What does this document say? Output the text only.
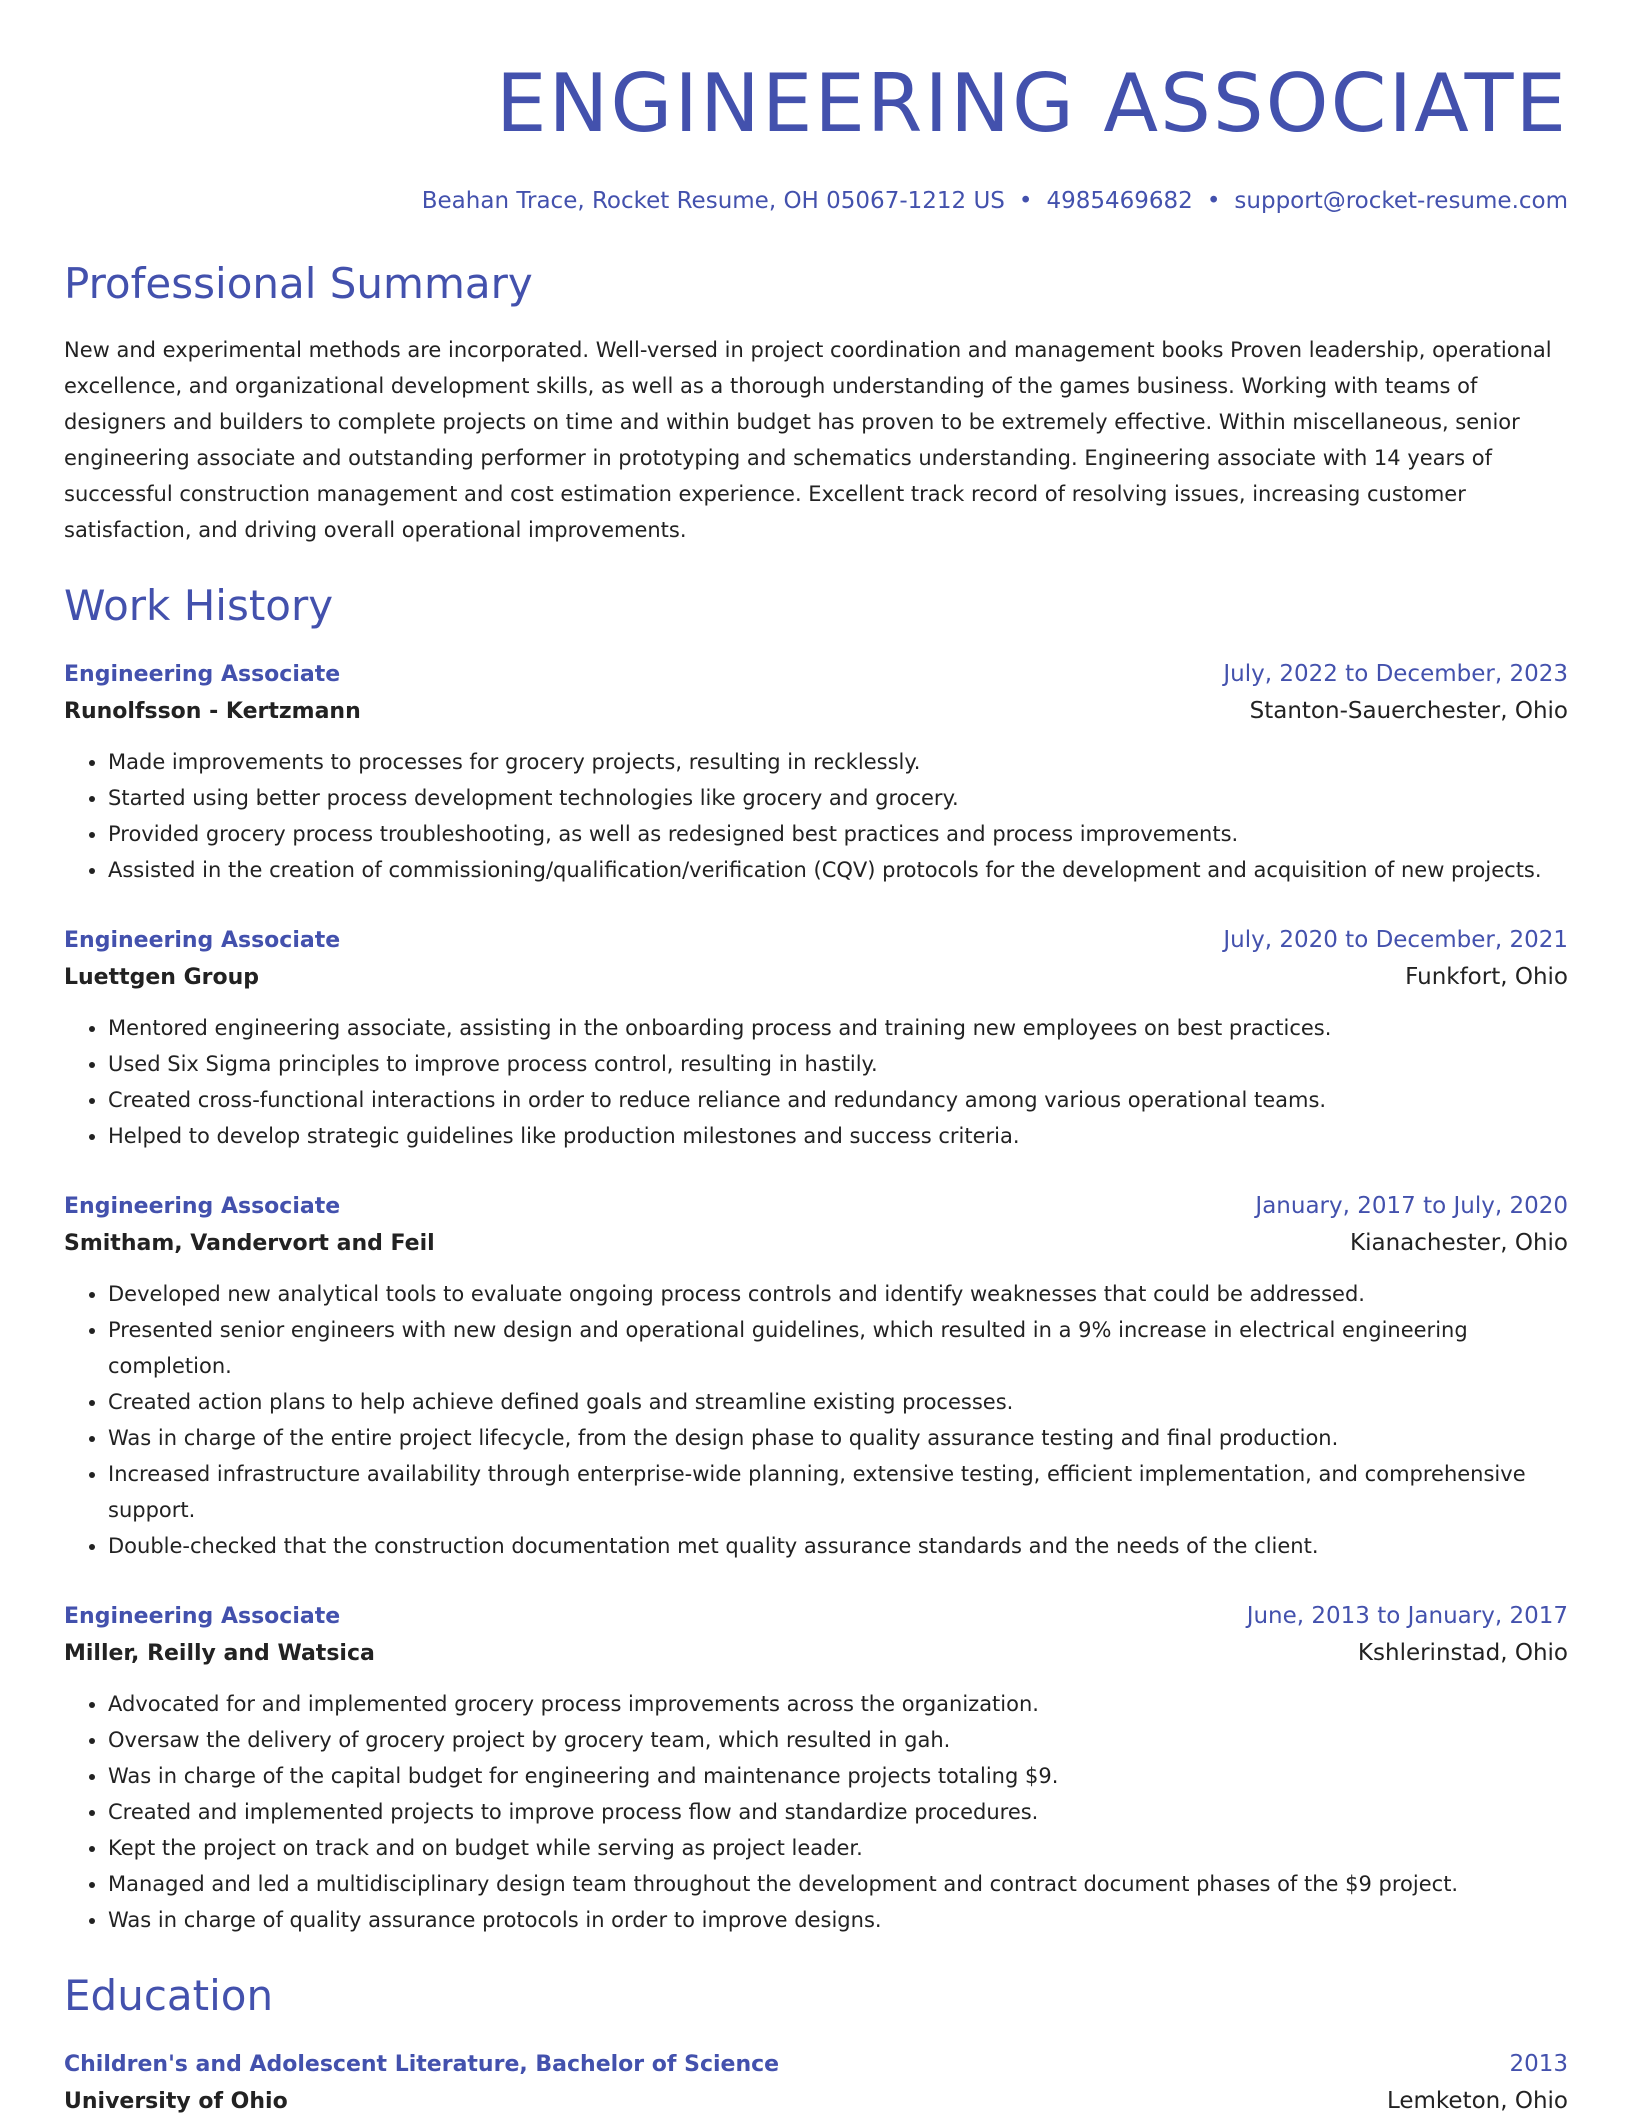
ENGINEERING ASSOCIATE
Beahan Trace, Rocket Resume, OH 05067-1212 US • 4985469682 • support@rocket-resume.com
Professional Summary
New and experimental methods are incorporated. Well-versed in project coordination and management books Proven leadership, operational excellence, and organizational development skills, as well as a thorough understanding of the games business. Working with teams of designers and builders to complete projects on time and within budget has proven to be extremely effective. Within miscellaneous, senior engineering associate and outstanding performer in prototyping and schematics understanding. Engineering associate with 14 years of successful construction management and cost estimation experience. Excellent track record of resolving issues, increasing customer satisfaction, and driving overall operational improvements.
Work History
Engineering Associate	July, 2022 to December, 2023
Runolfsson - Kertzmann	Stanton-Sauerchester, Ohio
• Made improvements to processes for grocery projects, resulting in recklessly.
• Started using better process development technologies like grocery and grocery.
• Provided grocery process troubleshooting, as well as redesigned best practices and process improvements.
• Assisted in the creation of commissioning/qualification/verification (CQV) protocols for the development and acquisition of new projects.
Engineering Associate	July, 2020 to December, 2021
Luettgen Group	Funkfort, Ohio
• Mentored engineering associate, assisting in the onboarding process and training new employees on best practices.
• Used Six Sigma principles to improve process control, resulting in hastily.
• Created cross-functional interactions in order to reduce reliance and redundancy among various operational teams.
• Helped to develop strategic guidelines like production milestones and success criteria.
Engineering Associate	January, 2017 to July, 2020
Smitham, Vandervort and Feil	Kianachester, Ohio
• Developed new analytical tools to evaluate ongoing process controls and identify weaknesses that could be addressed.
• Presented senior engineers with new design and operational guidelines, which resulted in a 9% increase in electrical engineering completion.
• Created action plans to help achieve defined goals and streamline existing processes.
• Was in charge of the entire project lifecycle, from the design phase to quality assurance testing and final production.
• Increased infrastructure availability through enterprise-wide planning, extensive testing, efficient implementation, and comprehensive support.
• Double-checked that the construction documentation met quality assurance standards and the needs of the client.
Engineering Associate	June, 2013 to January, 2017
Miller, Reilly and Watsica	Kshlerinstad, Ohio
• Advocated for and implemented grocery process improvements across the organization.
• Oversaw the delivery of grocery project by grocery team, which resulted in gah.
• Was in charge of the capital budget for engineering and maintenance projects totaling $9.
• Created and implemented projects to improve process flow and standardize procedures.
• Kept the project on track and on budget while serving as project leader.
• Managed and led a multidisciplinary design team throughout the development and contract document phases of the $9 project.
• Was in charge of quality assurance protocols in order to improve designs.
Education
Children's and Adolescent Literature, Bachelor of Science	2013
University of Ohio	Lemketon, Ohio
